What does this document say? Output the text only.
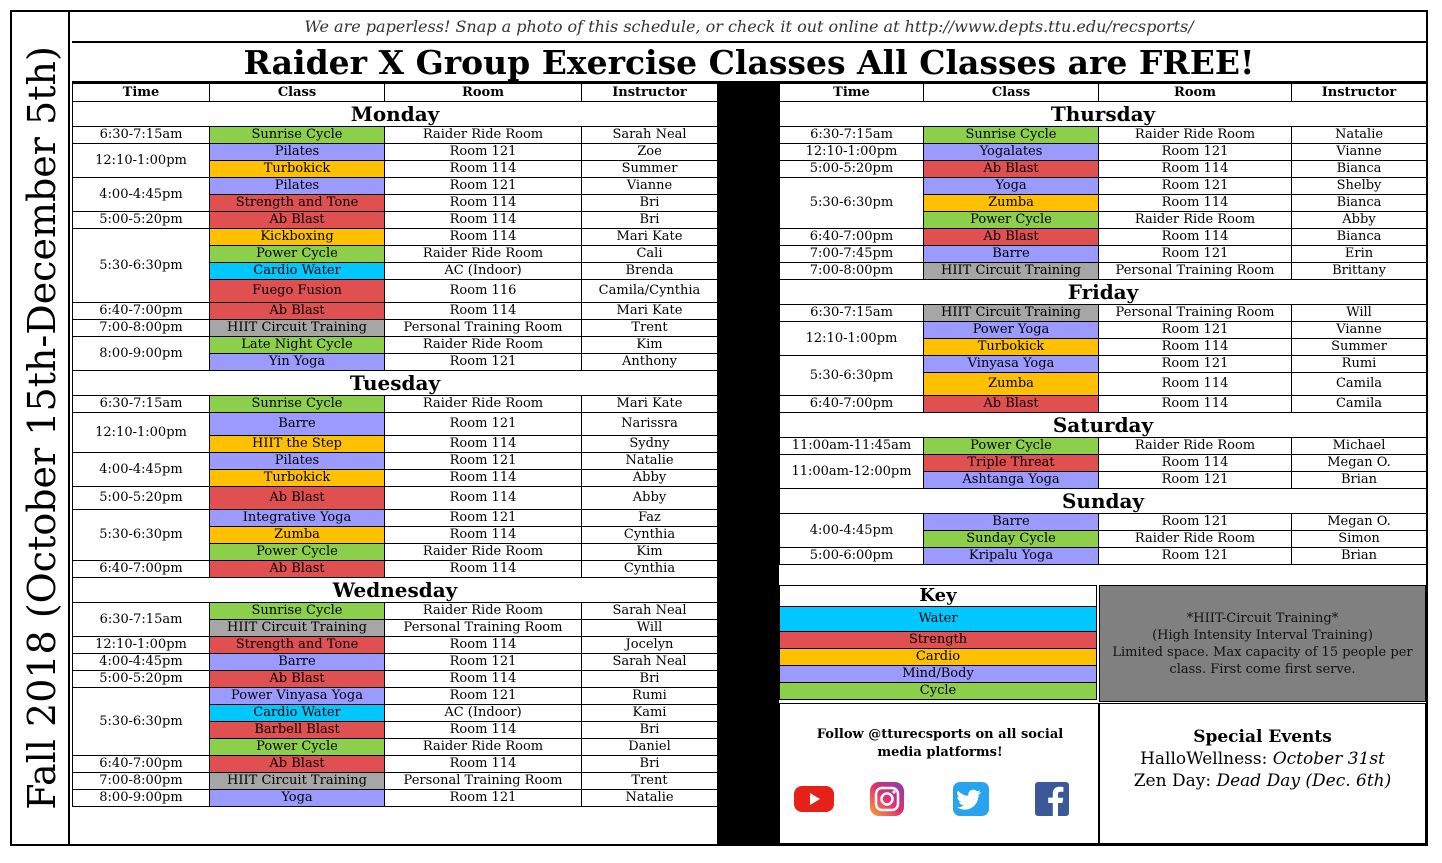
Fall 2018 (October 15th-December 5th)
We are paperless! Snap a photo of this schedule, or check it out online at http://www.depts.ttu.edu/recsports/
Raider X Group Exercise Classes All Classes are FREE!
Time	Class	Room	Instructor
Monday			
6:30-7:15am	Sunrise Cycle	Raider Ride Room	Sarah Neal
12:10-1:00pm	Pilates	Room 121	Zoe
	Turbokick	Room 114	Summer
4:00-4:45pm	Pilates	Room 121	Vianne
	Strength and Tone	Room 114	Bri
5:00-5:20pm	Ab Blast	Room 114	Bri
5:30-6:30pm	Kickboxing	Room 114	Mari Kate
	Power Cycle	Raider Ride Room	Cali
	Cardio Water	AC (Indoor)	Brenda
	Fuego Fusion	Room 116	Camila/Cynthia
6:40-7:00pm	Ab Blast	Room 114	Mari Kate
7:00-8:00pm	HIIT Circuit Training	Personal Training Room	Trent
8:00-9:00pm	Late Night Cycle	Raider Ride Room	Kim
	Yin Yoga	Room 121	Anthony
Tuesday			
6:30-7:15am	Sunrise Cycle	Raider Ride Room	Mari Kate
12:10-1:00pm	Barre	Room 121	Narissra
	HIIT the Step	Room 114	Sydny
4:00-4:45pm	Pilates	Room 121	Natalie
	Turbokick	Room 114	Abby
5:00-5:20pm	Ab Blast	Room 114	Abby
5:30-6:30pm	Integrative Yoga	Room 121	Faz
	Zumba	Room 114	Cynthia
	Power Cycle	Raider Ride Room	Kim
6:40-7:00pm	Ab Blast	Room 114	Cynthia
Wednesday			
6:30-7:15am	Sunrise Cycle	Raider Ride Room	Sarah Neal
	HIIT Circuit Training	Personal Training Room	Will
12:10-1:00pm	Strength and Tone	Room 114	Jocelyn
4:00-4:45pm	Barre	Room 121	Sarah Neal
5:00-5:20pm	Ab Blast	Room 114	Bri
5:30-6:30pm	Power Vinyasa Yoga	Room 121	Rumi
	Cardio Water	AC (Indoor)	Kami
	Barbell Blast	Room 114	Bri
	Power Cycle	Raider Ride Room	Daniel
6:40-7:00pm	Ab Blast	Room 114	Bri
7:00-8:00pm	HIIT Circuit Training	Personal Training Room	Trent
8:00-9:00pm	Yoga	Room 121	Natalie
Time	Class	Room	Instructor
Thursday			
6:30-7:15am	Sunrise Cycle	Raider Ride Room	Natalie
12:10-1:00pm	Yogalates	Room 121	Vianne
5:00-5:20pm	Ab Blast	Room 114	Bianca
5:30-6:30pm	Yoga	Room 121	Shelby
	Zumba	Room 114	Bianca
	Power Cycle	Raider Ride Room	Abby
6:40-7:00pm	Ab Blast	Room 114	Bianca
7:00-7:45pm	Barre	Room 121	Erin
7:00-8:00pm	HIIT Circuit Training	Personal Training Room	Brittany
Friday			
6:30-7:15am	HIIT Circuit Training	Personal Training Room	Will
12:10-1:00pm	Power Yoga	Room 121	Vianne
	Turbokick	Room 114	Summer
5:30-6:30pm	Vinyasa Yoga	Room 121	Rumi
	Zumba	Room 114	Camila
6:40-7:00pm	Ab Blast	Room 114	Camila
Saturday			
11:00am-11:45am	Power Cycle	Raider Ride Room	Michael
11:00am-12:00pm	Triple Threat	Room 114	Megan O.
	Ashtanga Yoga	Room 121	Brian
Sunday			
4:00-4:45pm	Barre	Room 121	Megan O.
	Sunday Cycle	Raider Ride Room	Simon
5:00-6:00pm	Kripalu Yoga	Room 121	Brian
Key
Water
Strength
Cardio
Mind/Body
Cycle
*HIIT-Circuit Training*
(High Intensity Interval Training)
Limited space. Max capacity of 15 people per class. First come first serve.
Follow @tturecsports on all social media platforms!
Special Events
HalloWellness: October 31st
Zen Day: Dead Day (Dec. 6th)
